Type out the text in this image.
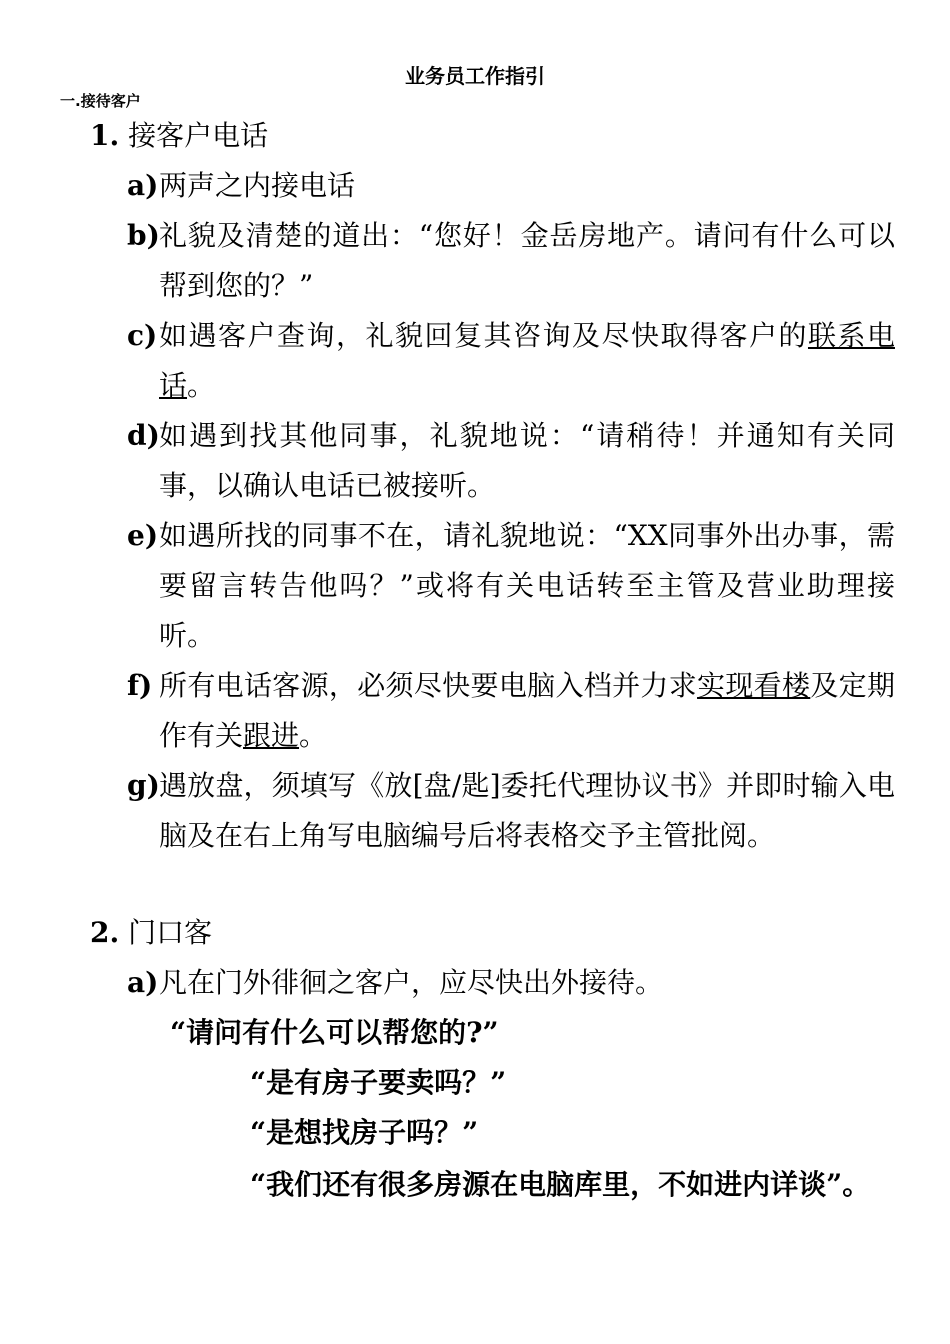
业务员工作指引
一.接待客户
1. 接客户电话
a) 两声之内接电话
b) 礼貌及清楚的道出：“您好！金岳房地产。请问有什么可以帮到您的？”
c) 如遇客户查询，礼貌回复其咨询及尽快取得客户的联系电话。
d) 如遇到找其他同事，礼貌地说：“请稍待！并通知有关同事，以确认电话已被接听。
e) 如遇所找的同事不在，请礼貌地说：“XX同事外出办事，需要留言转告他吗？”或将有关电话转至主管及营业助理接听。
f) 所有电话客源，必须尽快要电脑入档并力求实现看楼及定期作有关跟进。
g) 遇放盘，须填写《放[盘/匙]委托代理协议书》并即时输入电脑及在右上角写电脑编号后将表格交予主管批阅。
2. 门口客
a) 凡在门外徘徊之客户，应尽快出外接待。
“请问有什么可以帮您的?”
“是有房子要卖吗？”
“是想找房子吗？”
“我们还有很多房源在电脑库里，不如进内详谈”。
